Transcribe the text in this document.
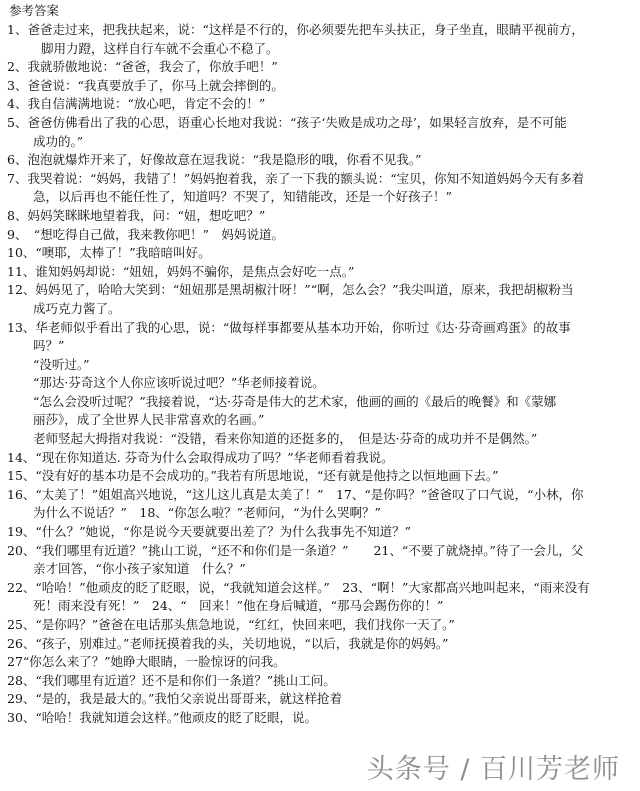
参考答案
1、爸爸走过来，把我扶起来，说：“这样是不行的，你必须要先把车头扶正，身子坐直，眼睛平视前方，
脚用力蹬，这样自行车就不会重心不稳了。
2、我就骄傲地说：“爸爸，我会了，你放手吧！”
3、爸爸说：“我真要放手了，你马上就会摔倒的。
4、我自信满满地说：“放心吧，肯定不会的！”
5、爸爸仿佛看出了我的心思，语重心长地对我说：“孩子‘失败是成功之母’，如果轻言放弃，是不可能
成功的。”
6、泡泡就爆炸开来了，好像故意在逗我说：“我是隐形的哦，你看不见我。”
7、我哭着说：“妈妈，我错了！”妈妈抱着我，亲了一下我的额头说：“宝贝，你知不知道妈妈今天有多着
急，以后再也不能任性了，知道吗？不哭了，知错能改，还是一个好孩子！”
8、妈妈笑眯眯地望着我，问：“妞，想吃吧？”
9、　“想吃得自己做，我来教你吧！”　妈妈说道。
10、“噢耶，太棒了！”我暗暗叫好。
11、谁知妈妈却说：“妞妞，妈妈不骗你，是焦点会好吃一点。”
12、妈妈见了，哈哈大笑到：“妞妞那是黑胡椒汁呀！”“啊，怎么会？”我尖叫道，原来，我把胡椒粉当
成巧克力酱了。
13、华老师似乎看出了我的心思，说：“做每样事都要从基本功开始，你听过《达·芬奇画鸡蛋》的故事
吗？”
“没听过。”
“那达·芬奇这个人你应该听说过吧？”华老师接着说。
“怎么会没听过呢？”我接着说，“达·芬奇是伟大的艺术家，他画的画的《最后的晚餐》和《蒙娜
丽莎》，成了全世界人民非常喜欢的名画。”
老师竖起大拇指对我说：“没错，看来你知道的还挺多的，　但是达·芬奇的成功并不是偶然。”
14、“现在你知道达. 芬奇为什么会取得成功了吗？”华老师看着我说。
15、“没有好的基本功是不会成功的。”我若有所思地说，“还有就是他持之以恒地画下去。”
16、“太美了！”姐姐高兴地说，“这儿这儿真是太美了！”　17、“是你吗？”爸爸叹了口气说，“小林，你
为什么不说话？”　18、“你怎么啦？”老师问，“为什么哭啊？”
19、“什么？”她说，“你是说今天要就要出差了？为什么我事先不知道？”
20、“我们哪里有近道？”挑山工说，“还不和你们是一条道？”　　21、“不要了就烧掉。”待了一会儿，父
亲才回答，“你小孩子家知道　什么？”
22、“哈哈！”他顽皮的眨了眨眼，说，“我就知道会这样。”　23、“啊！”大家都高兴地叫起来，“雨来没有
死！雨来没有死！”　24、“　回来！”他在身后喊道，“那马会踢伤你的！”
25、“是你吗？”爸爸在电话那头焦急地说，“红红，快回来吧，我们找你一天了。”
26、“孩子，别难过。”老师抚摸着我的头，关切地说，“以后，我就是你的妈妈。”
27“你怎么来了？”她睁大眼睛，一脸惊讶的问我。
28、“我们哪里有近道？还不是和你们一条道？”挑山工问。
29、“是的，我是最大的。”我怕父亲说出哥哥来，就这样抢着
30、“哈哈！我就知道会这样。”他顽皮的眨了眨眼，说。
头条号 / 百川芳老师
